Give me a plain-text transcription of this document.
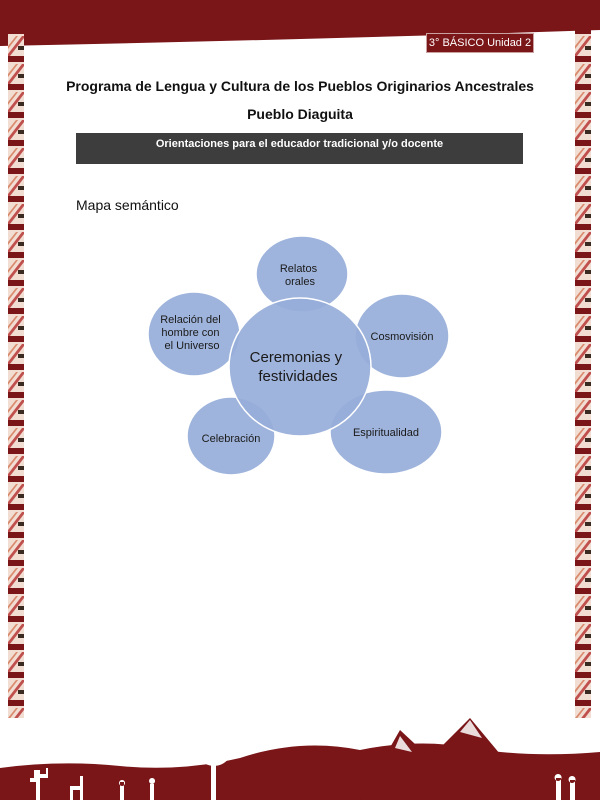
3° BÁSICO Unidad 2
Programa de Lengua y Cultura de los Pueblos Originarios Ancestrales
Pueblo Diaguita
Orientaciones para el educador tradicional y/o docente
Mapa semántico
Ceremonias y festividades
Relatos orales
Cosmovisión
Espiritualidad
Celebración
Relación del hombre con el Universo
